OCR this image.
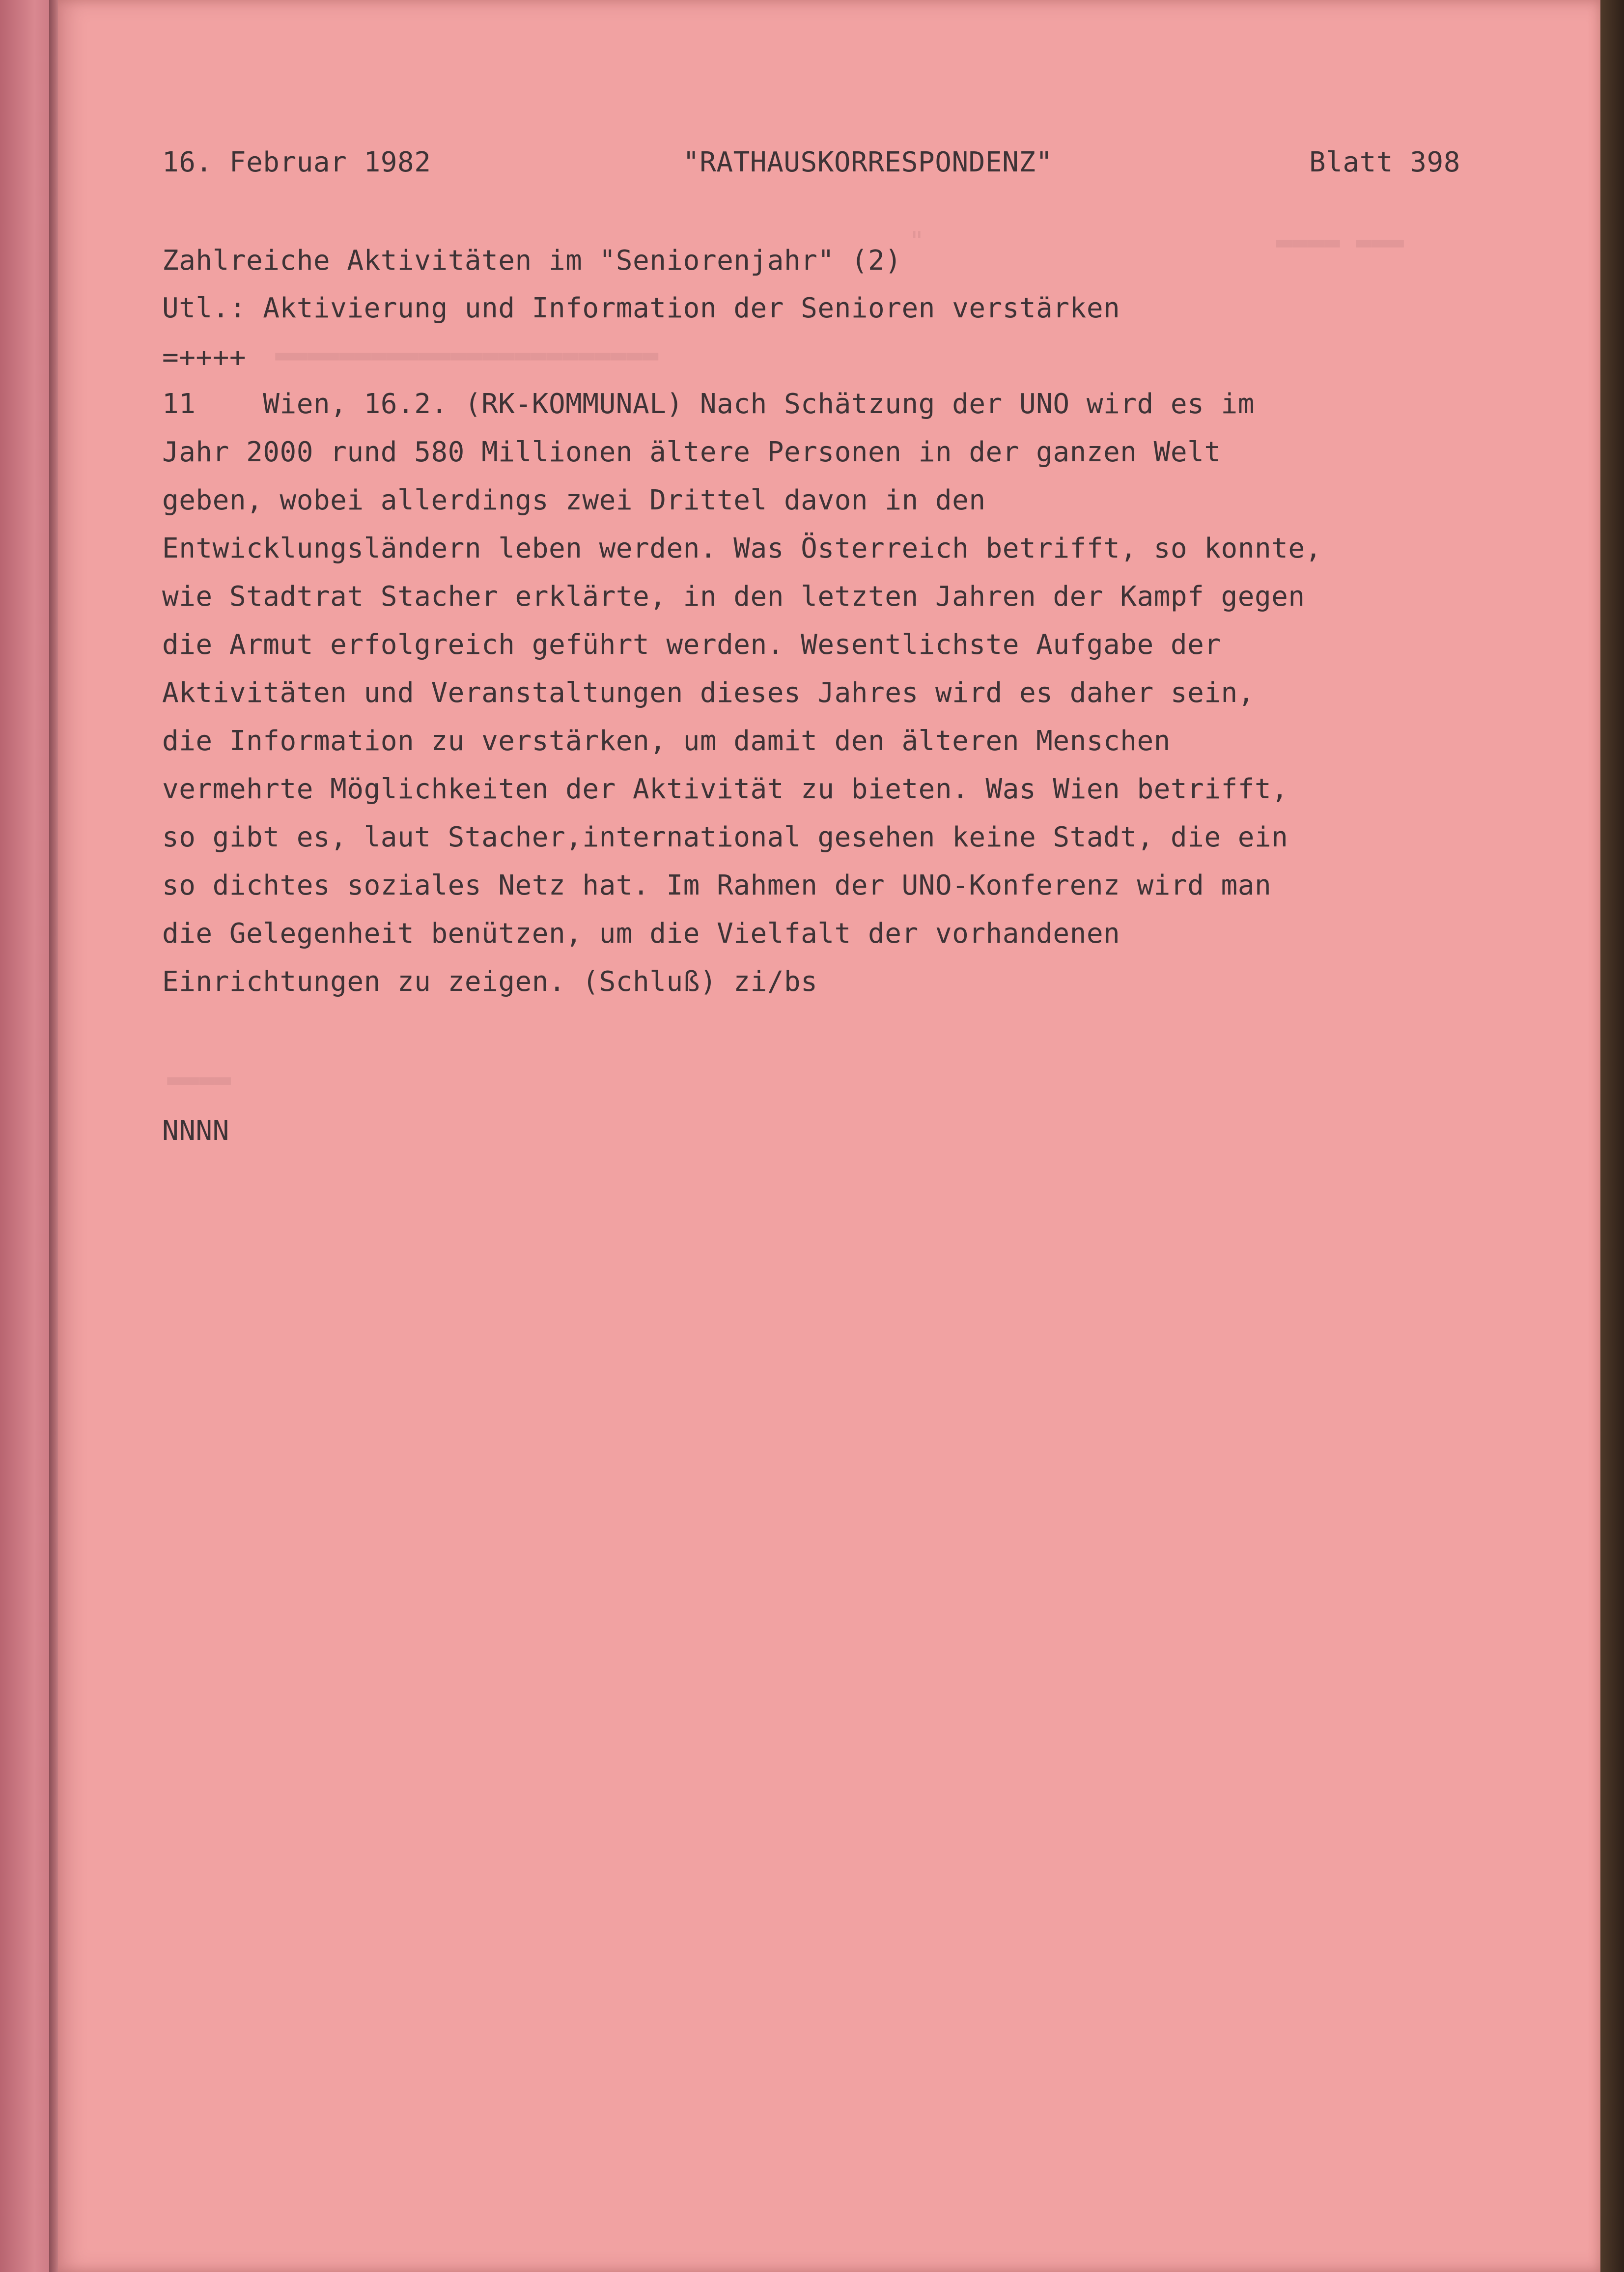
"                      ▬▬▬▬ ▬▬▬
▬▬▬▬▬▬▬▬▬▬▬▬▬▬▬▬▬▬▬▬▬▬▬▬
▬▬▬▬
16. Februar 1982	"RATHAUSKORRESPONDENZ"	Blatt 398
Zahlreiche Aktivitäten im "Seniorenjahr" (2)
Utl.: Aktivierung und Information der Senioren verstärken
=++++
11    Wien, 16.2. (RK-KOMMUNAL) Nach Schätzung der UNO wird es im
Jahr 2000 rund 580 Millionen ältere Personen in der ganzen Welt
geben, wobei allerdings zwei Drittel davon in den
Entwicklungsländern leben werden. Was Österreich betrifft, so konnte,
wie Stadtrat Stacher erklärte, in den letzten Jahren der Kampf gegen
die Armut erfolgreich geführt werden. Wesentlichste Aufgabe der
Aktivitäten und Veranstaltungen dieses Jahres wird es daher sein,
die Information zu verstärken, um damit den älteren Menschen
vermehrte Möglichkeiten der Aktivität zu bieten. Was Wien betrifft,
so gibt es, laut Stacher,international gesehen keine Stadt, die ein
so dichtes soziales Netz hat. Im Rahmen der UNO-Konferenz wird man
die Gelegenheit benützen, um die Vielfalt der vorhandenen
Einrichtungen zu zeigen. (Schluß) zi/bs
NNNN
